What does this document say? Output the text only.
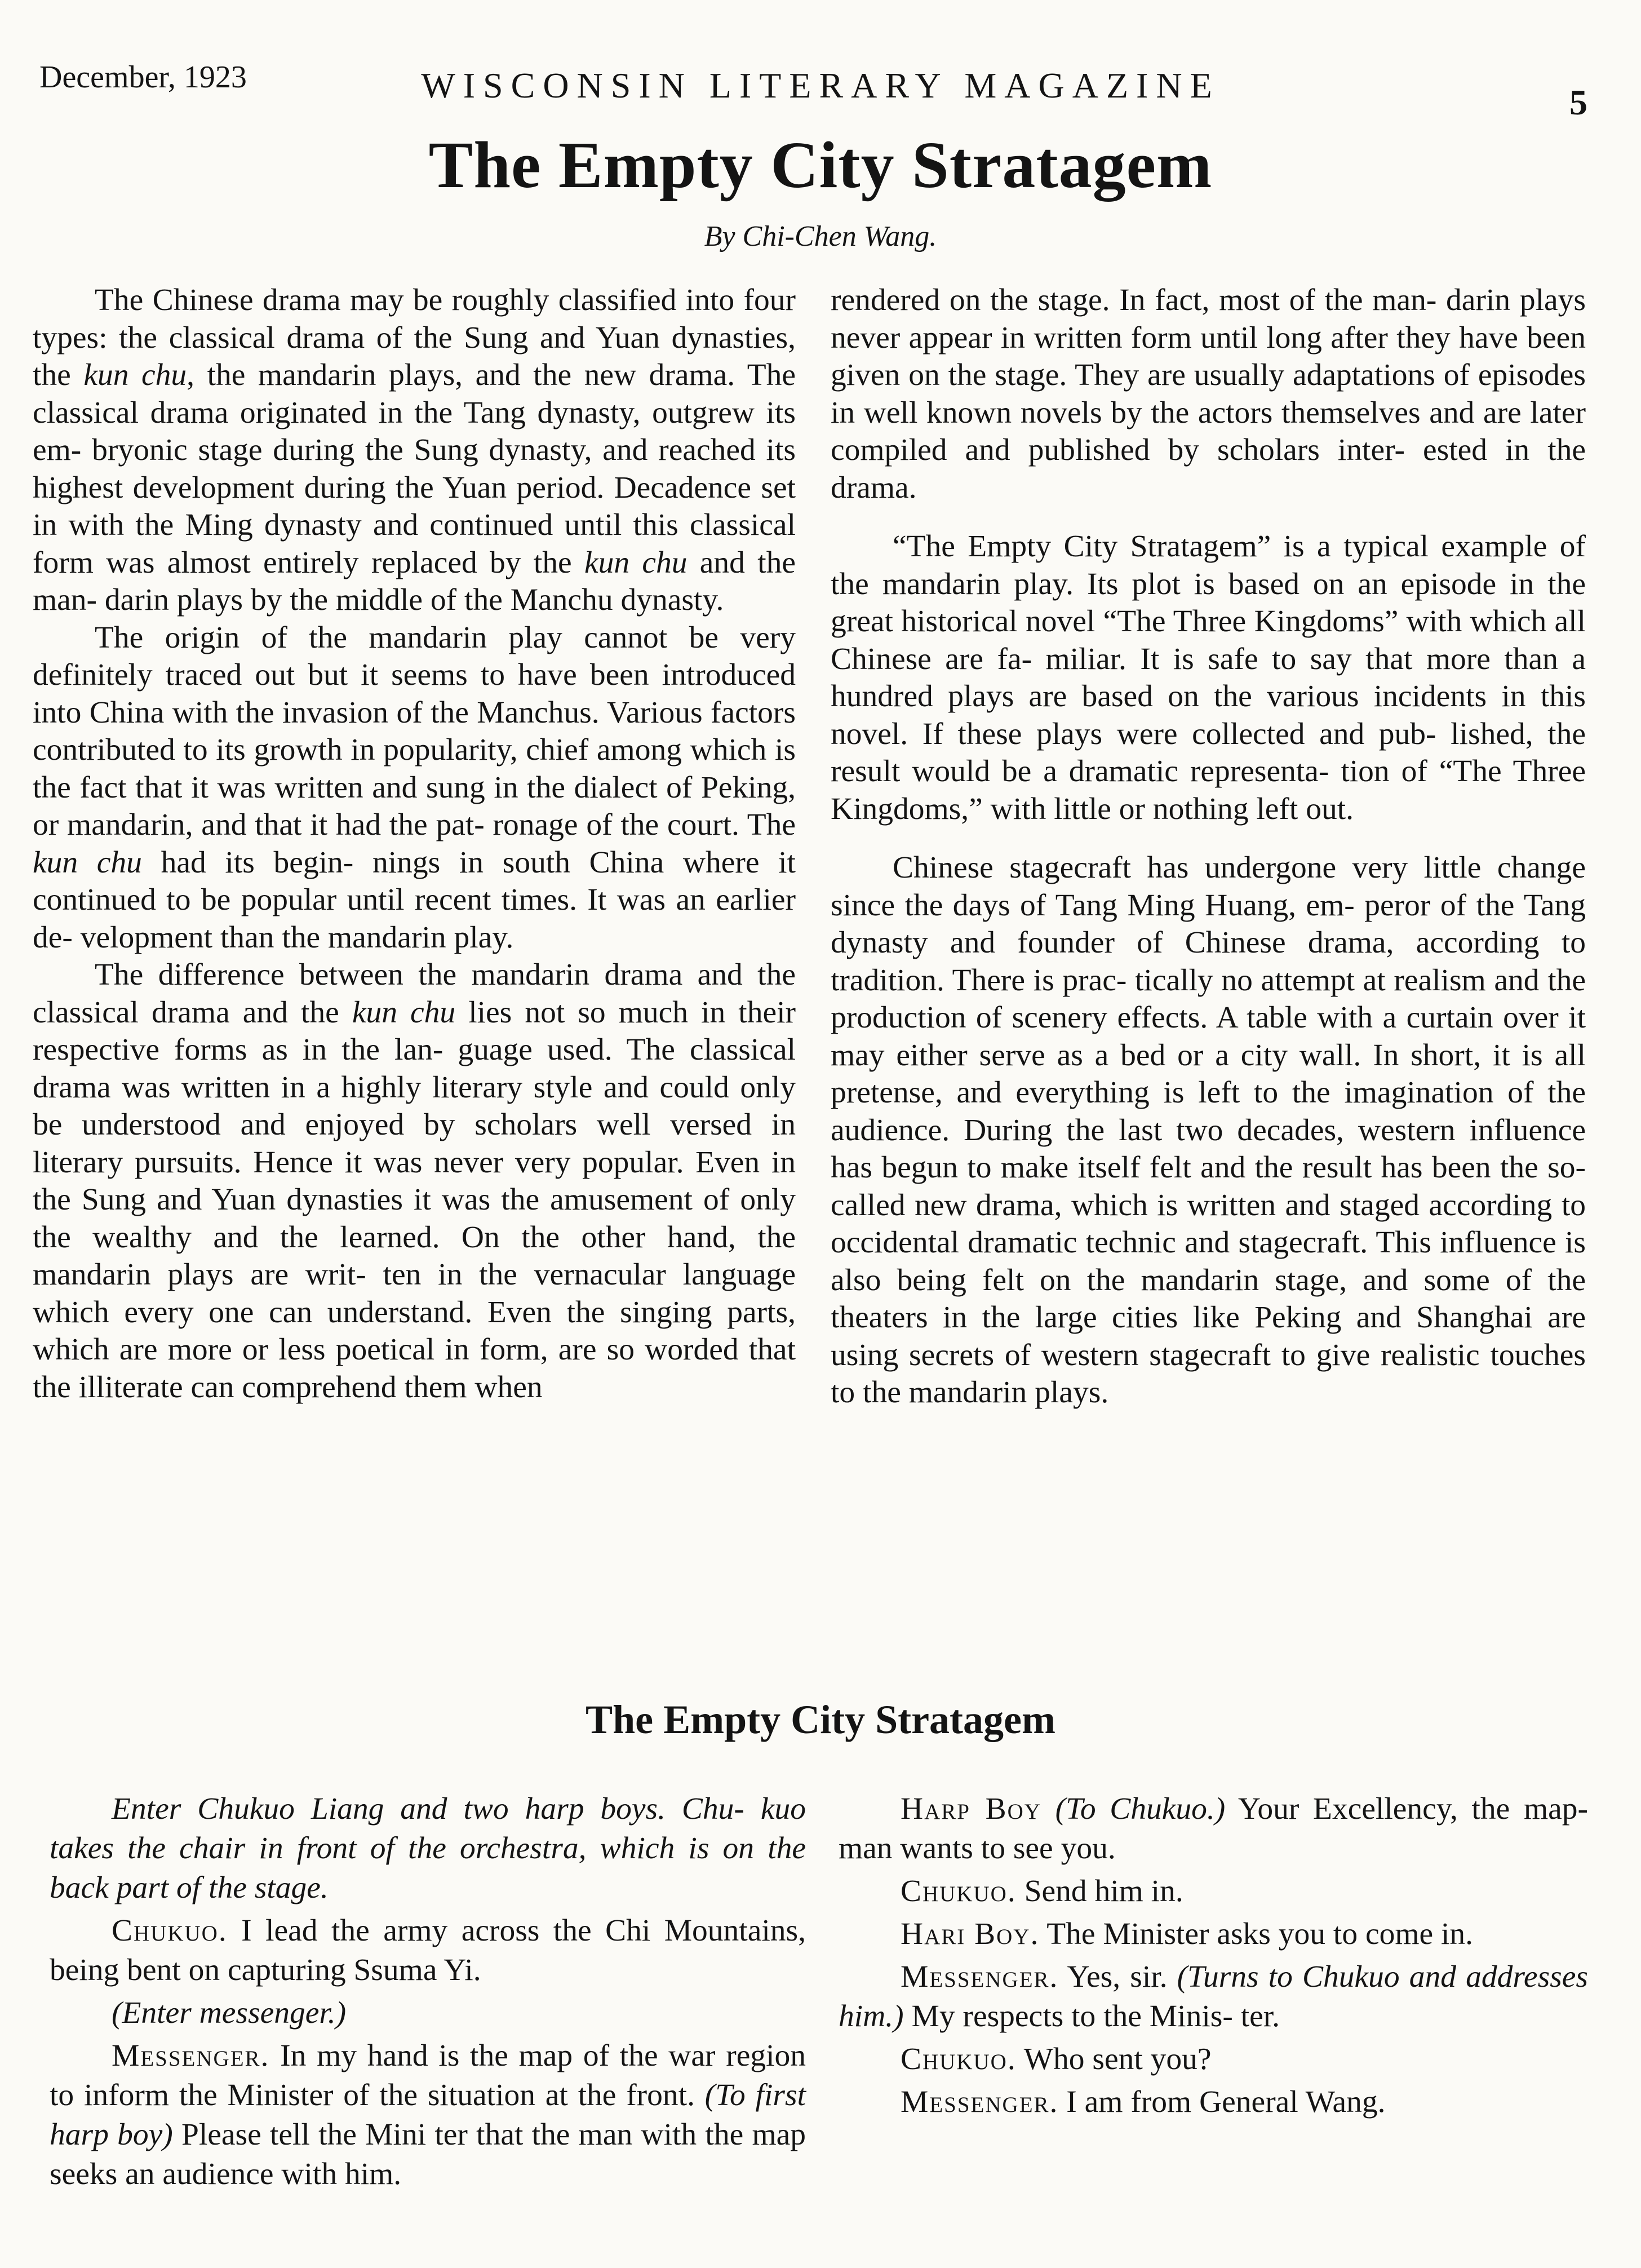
December, 1923	WISCONSIN LITERARY MAGAZINE	5
The Empty City Stratagem
By Chi-Chen Wang.

The Chinese drama may be roughly classified into four types: the classical drama of the Sung and Yuan dynasties, the kun chu, the mandarin plays, and the new drama. The classical drama originated in the Tang dynasty, outgrew its em- bryonic stage during the Sung dynasty, and reached its highest development during the Yuan period. Decadence set in with the Ming dynasty and continued until this classical form was almost entirely replaced by the kun chu and the man- darin plays by the middle of the Manchu dynasty.

The origin of the mandarin play cannot be very definitely traced out but it seems to have been introduced into China with the invasion of the Manchus. Various factors contributed to its growth in popularity, chief among which is the fact that it was written and sung in the dialect of Peking, or mandarin, and that it had the pat- ronage of the court. The kun chu had its begin- nings in south China where it continued to be popular until recent times. It was an earlier de- velopment than the mandarin play.

The difference between the mandarin drama and the classical drama and the kun chu lies not so much in their respective forms as in the lan- guage used. The classical drama was written in a highly literary style and could only be understood and enjoyed by scholars well versed in literary pursuits. Hence it was never very popular. Even in the Sung and Yuan dynasties it was the amusement of only the wealthy and the learned. On the other hand, the mandarin plays are writ- ten in the vernacular language which every one can understand. Even the singing parts, which are more or less poetical in form, are so worded that the illiterate can comprehend them when

rendered on the stage. In fact, most of the man- darin plays never appear in written form until long after they have been given on the stage. They are usually adaptations of episodes in well known novels by the actors themselves and are later compiled and published by scholars inter- ested in the drama.

“The Empty City Stratagem” is a typical example of the mandarin play. Its plot is based on an episode in the great historical novel “The Three Kingdoms” with which all Chinese are fa- miliar. It is safe to say that more than a hundred plays are based on the various incidents in this novel. If these plays were collected and pub- lished, the result would be a dramatic representa- tion of “The Three Kingdoms,” with little or nothing left out.

Chinese stagecraft has undergone very little change since the days of Tang Ming Huang, em- peror of the Tang dynasty and founder of Chinese drama, according to tradition. There is prac- tically no attempt at realism and the production of scenery effects. A table with a curtain over it may either serve as a bed or a city wall. In short, it is all pretense, and everything is left to the imagination of the audience. During the last two decades, western influence has begun to make itself felt and the result has been the so-called new drama, which is written and staged according to occidental dramatic technic and stagecraft. This influence is also being felt on the mandarin stage, and some of the theaters in the large cities like Peking and Shanghai are using secrets of western stagecraft to give realistic touches to the mandarin plays.

The Empty City Stratagem

Enter Chukuo Liang and two harp boys. Chu- kuo takes the chair in front of the orchestra, which is on the back part of the stage.

Chukuo. I lead the army across the Chi Mountains, being bent on capturing Ssuma Yi.

(Enter messenger.)

Messenger. In my hand is the map of the war region to inform the Minister of the situation at the front. (To first harp boy) Please tell the Mini ter that the man with the map seeks an audience with him.

Harp Boy (To Chukuo.) Your Excellency, the map-man wants to see you.

Chukuo. Send him in.

Hari Boy. The Minister asks you to come in.

Messenger. Yes, sir. (Turns to Chukuo and addresses him.) My respects to the Minis- ter.

Chukuo. Who sent you?

Messenger. I am from General Wang.
